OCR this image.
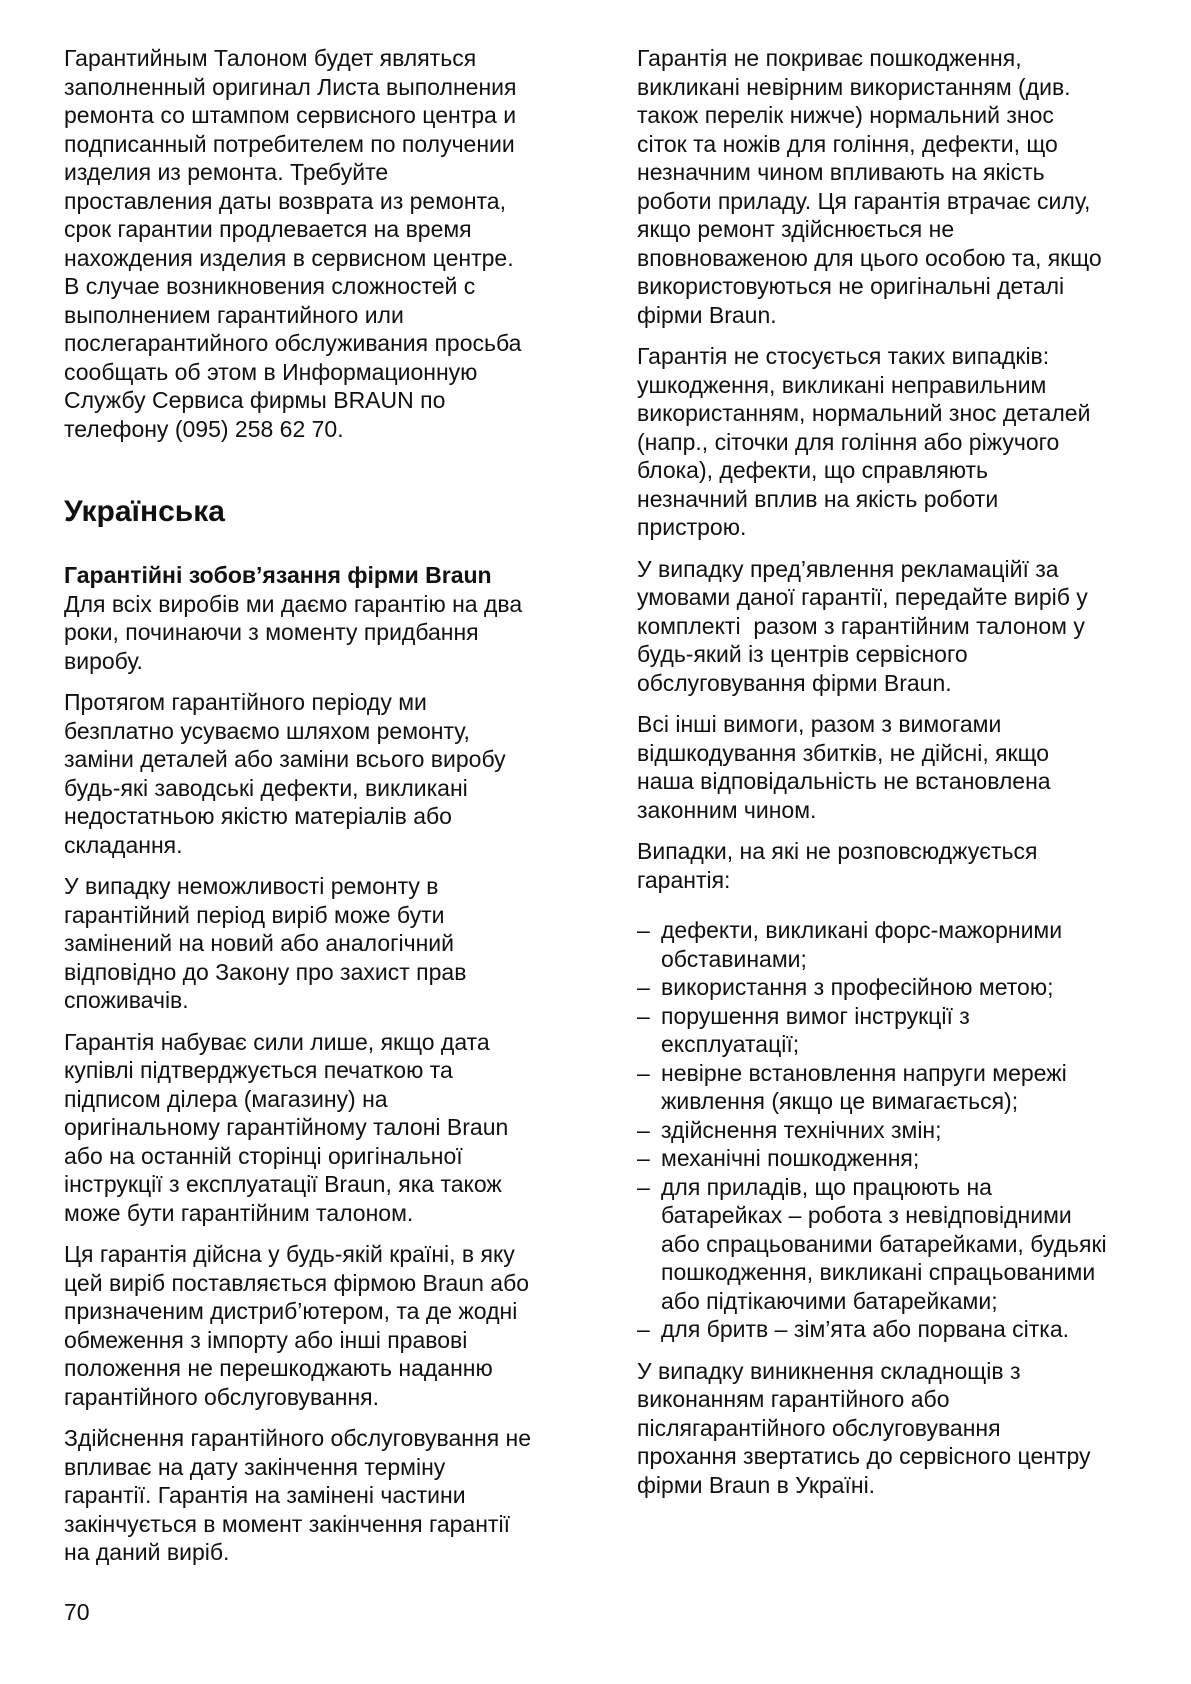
Гарантийным Талоном будет являться
заполненный оригинал Листа выполнения
ремонта со штампом сервисного центра и
подписанный потребителем по получении
изделия из ремонта. Требуйте
проставления даты возврата из ремонта,
срок гарантии продлевается на время
нахождения изделия в сервисном центре.
В случае возникновения сложностей с
выполнением гарантийного или
послегарантийного обслуживания просьба
сообщать об этом в Информационную
Службу Сервиса фирмы BRAUN по
телефону (095) 258 62 70.
Українська
Гарантійні зобов’язання фірми Braun
Для всіх виробів ми даємо гарантію на два
роки, починаючи з моменту придбання
виробу.
Протягом гарантійного періоду ми
безплатно усуваємо шляхом ремонту,
заміни деталей або заміни всього виробу
будь-які заводські дефекти, викликані
недостатньою якістю матеріалів або
складання.
У випадку неможливості ремонту в
гарантійний період виріб може бути
замінений на новий або аналогічний
відповідно до Закону про захист прав
споживачів.
Гарантія набуває сили лише, якщо дата
купівлі підтверджується печаткою та
підписом ділера (магазину) на
оригінальному гарантійному талоні Braun
або на останній сторінці оригінальної
інструкції з експлуатації Braun, яка також
може бути гарантійним талоном.
Ця гарантія дійсна у будь-якій країні, в яку
цей виріб поставляється фірмою Braun або
призначеним дистриб’ютером, та де жодні
обмеження з імпорту або інші правові
положення не перешкоджають наданню
гарантійного обслуговування.
Здійснення гарантійного обслуговування не
впливає на дату закінчення терміну
гарантії. Гарантія на замінені частини
закінчується в момент закінчення гарантії
на даний виріб.
Гарантія не покриває пошкодження,
викликані невірним використанням (див.
також перелік нижче) нормальний знос
сіток та ножів для гоління, дефекти, що
незначним чином впливають на якість
роботи приладу. Ця гарантія втрачає силу,
якщо ремонт здійснюється не
вповноваженою для цього особою та, якщо
використовуються не оригінальні деталі
фірми Braun.
Гарантія не стосується таких випадків:
ушкодження, викликані неправильним
використанням, нормальний знос деталей
(напр., сіточки для гоління або ріжучого
блока), дефекти, що справляють
незначний вплив на якість роботи
пристрою.
У випадку пред’явлення рекламаційї за
умовами даної гарантії, передайте виріб у
комплекті  разом з гарантійним талоном у
будь-який із центрів сервісного
обслуговування фірми Braun.
Всі інші вимоги, разом з вимогами
відшкодування збитків, не дійсні, якщо
наша відповідальність не встановлена
законним чином.
Випадки, на які не розповсюджується
гарантія:
– дефекти, викликані форс-мажорними
обставинами;
– використання з професійною метою;
– порушення вимог інструкції з
експлуатації;
– невірне встановлення напруги мережі
живлення (якщо це вимагається);
– здійснення технічних змін;
– механічні пошкодження;
– для приладів, що працюють на
батарейках – робота з невідповідними
або спрацьованими батарейками, будьякі
пошкодження, викликані спрацьованими
або підтікаючими батарейками;
– для бритв – зім’ята або порвана сітка.
У випадку виникнення складнощів з
виконанням гарантійного або
післягарантійного обслуговування
прохання звертатись до сервісного центру
фірми Braun в Україні.
70
